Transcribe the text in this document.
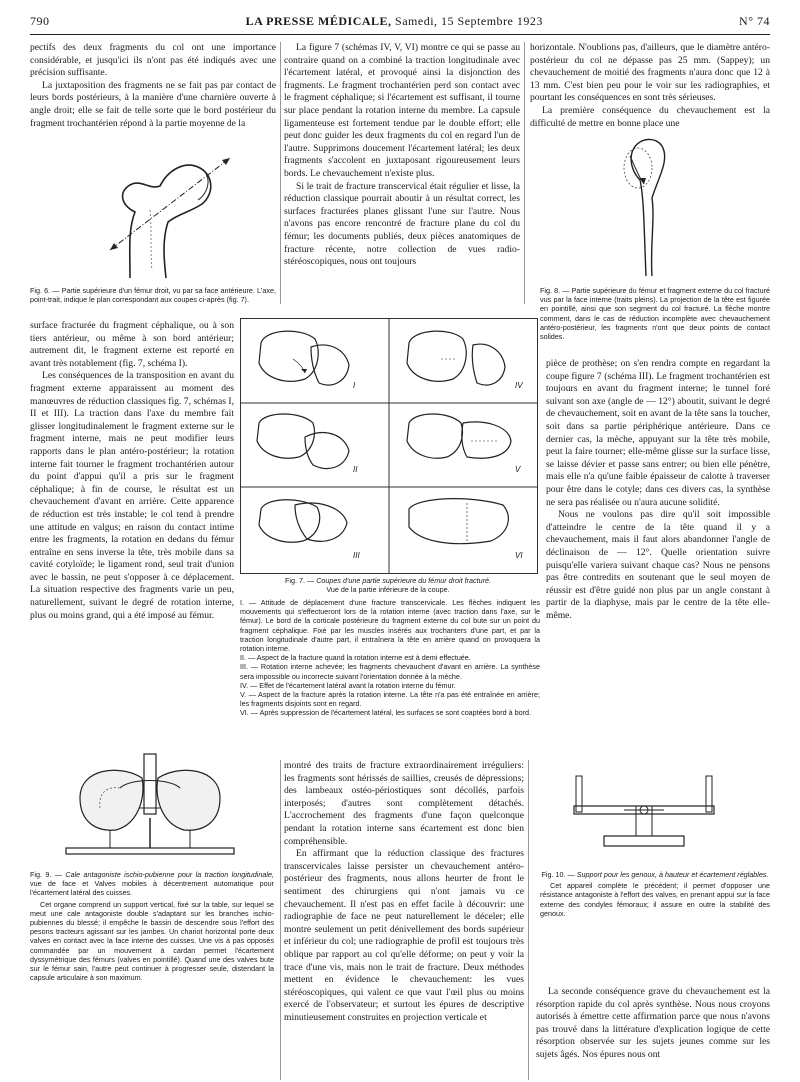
790	LA PRESSE MÉDICALE, Samedi, 15 Septembre 1923	N° 74

pectifs des deux fragments du col ont une importance considérable, et jusqu'ici ils n'ont pas été indiqués avec une précision suffisante.

La juxtaposition des fragments ne se fait pas par contact de leurs bords postérieurs, à la manière d'une charnière ouverte à angle droit; elle se fait de telle sorte que le bord postérieur du fragment trochantérien répond à la partie moyenne de la

Fig. 6. — Partie supérieure d'un fémur droit, vu par sa face antérieure. L'axe, point-trait, indique le plan correspondant aux coupes ci-après (fig. 7).

La figure 7 (schémas IV, V, VI) montre ce qui se passe au contraire quand on a combiné la traction longitudinale avec l'écartement latéral, et provoqué ainsi la disjonction des fragments. Le fragment trochantérien perd son contact avec le fragment céphalique; si l'écartement est suffisant, il tourne sur place pendant la rotation interne du membre. La capsule ligamenteuse est fortement tendue par le double effort; elle peut donc guider les deux fragments du col en regard l'un de l'autre. Supprimons doucement l'écartement latéral; les deux fragments s'accolent en juxtaposant rigoureusement leurs bords. Le chevauchement n'existe plus.

Si le trait de fracture transcervical était régulier et lisse, la réduction classique pourrait aboutir à un résultat correct, les surfaces fracturées planes glissant l'une sur l'autre. Nous n'avons pas encore rencontré de fracture plane du col du fémur; les documents publiés, deux pièces anatomiques de fracture récente, notre collection de vues radio-stéréoscopiques, nous ont toujours

horizontale. N'oublions pas, d'ailleurs, que le diamètre antéro-postérieur du col ne dépasse pas 25 mm. (Sappey); un chevauchement de moitié des fragments n'aura donc que 12 à 13 mm. C'est bien peu pour le voir sur les radiographies, et pourtant les conséquences en sont très sérieuses.

La première conséquence du chevauchement est la difficulté de mettre en bonne place une

Fig. 8. — Partie supérieure du fémur et fragment externe du col fracturé vus par la face interne (traits pleins). La projection de la tête est figurée en pointillé, ainsi que son segment du col fracturé. La flèche montre comment, dans le cas de réduction incomplète avec chevauchement antéro-postérieur, les fragments n'ont que deux points de contact solides.

surface fracturée du fragment céphalique, ou à son tiers antérieur, ou même à son bord antérieur; autrement dit, le fragment externe est reporté en avant très notablement (fig. 7, schéma I).

Les conséquences de la transposition en avant du fragment externe apparaissent au moment des manœuvres de réduction classiques fig. 7, schémas I, II et III). La traction dans l'axe du membre fait glisser longitudinalement le fragment externe sur le fragment interne, mais ne peut modifier leurs rapports dans le plan antéro-postérieur; la rotation interne fait tourner le fragment trochantérien autour du point d'appui qu'il a pris sur le fragment céphalique; à fin de course, le résultat est un chevauchement d'avant en arrière. Cette apparence de réduction est très instable; le col tend à prendre une attitude en valgus; en raison du contact intime entre les fragments, la rotation en dedans du fémur entraîne en sens inverse la tête, très mobile dans sa cavité cotyloïde; le ligament rond, seul trait d'union avec le bassin, ne peut s'opposer à ce déplacement. La situation respective des fragments varie un peu, naturellement, suivant le degré de rotation interne, plus ou moins grand, qui a été imposé au fémur.

I	IV
II	V
III	VI

Fig. 7. — Coupes d'une partie supérieure du fémur droit fracturé.

Vue de la partie inférieure de la coupe.

I. — Attitude de déplacement d'une fracture transcervicale. Les flèches indiquent les mouvements qui s'effectueront lors de la rotation interne (avec traction dans l'axe, sur le fémur). Le bord de la corticale postérieure du fragment externe du col bute sur un point du fragment céphalique. Fixé par les muscles insérés aux trochanters d'une part, et par la traction longitudinale d'autre part, il entraînera la tête en arrière quand on provoquera la rotation interne.

II. — Aspect de la fracture quand la rotation interne est à demi effectuée.

III. — Rotation interne achevée; les fragments chevauchent d'avant en arrière. La synthèse sera impossible ou incorrecte suivant l'orientation donnée à la mèche.

IV. — Effet de l'écartement latéral avant la rotation interne du fémur.

V. — Aspect de la fracture après la rotation interne. La tête n'a pas été entraînée en arrière; les fragments disjoints sont en regard.

VI. — Après suppression de l'écartement latéral, les surfaces se sont coaptées bord à bord.

pièce de prothèse; on s'en rendra compte en regardant la coupe figure 7 (schéma III). Le fragment trochantérien est toujours en avant du fragment interne; le tunnel foré suivant son axe (angle de — 12°) aboutit, suivant le degré de chevauchement, soit en avant de la tête sans la toucher, soit dans sa partie périphérique antérieure. Dans ce dernier cas, la mèche, appuyant sur la tête très mobile, peut la faire tourner; elle-même glisse sur la surface lisse, se laisse dévier et passe sans entrer; ou bien elle pénètre, mais elle n'a qu'une faible épaisseur de calotte à traverser pour être dans le cotyle; dans ces divers cas, la synthèse ne sera pas réalisée ou n'aura aucune solidité.

Nous ne voulons pas dire qu'il soit impossible d'atteindre le centre de la tête quand il y a chevauchement, mais il faut alors abandonner l'angle de déclinaison de — 12°. Quelle orientation suivre puisqu'elle variera suivant chaque cas? Nous ne pensons pas être contredits en soutenant que le seul moyen de réussir est d'être guidé non plus par un angle constant à partir de la diaphyse, mais par le centre de la tête elle-même.

Fig. 9. — Cale antagoniste ischio-pubienne pour la traction longitudinale, vue de face et Valves mobiles à décentrement automatique pour l'écartement latéral des cuisses.

Cet organe comprend un support vertical, fixé sur la table, sur lequel se meut une cale antagoniste double s'adaptant sur les branches ischio-pubiennes du blessé; il empêche le bassin de descendre sous l'effort des pesons tracteurs agissant sur les jambes. Un chariot horizontal porte deux valves en contact avec la face interne des cuisses. Une vis à pas opposés commandée par un mouvement à cardan permet l'écartement dyssymétrique des fémurs (valves en pointillé). Quand une des valves bute sur le fémur sain, l'autre peut continuer à progresser seule, distendant la capsule articulaire à son maximum.

montré des traits de fracture extraordinairement irréguliers: les fragments sont hérissés de saillies, creusés de dépressions; des lambeaux ostéo-périostiques sont décollés, parfois interposés; d'autres sont complètement détachés. L'accrochement des fragments d'une façon quelconque pendant la rotation interne sans écartement est donc bien compréhensible.

En affirmant que la réduction classique des fractures transcervicales laisse persister un chevauchement antéro-postérieur des fragments, nous allons heurter de front le sentiment des chirurgiens qui n'ont jamais vu ce chevauchement. Il n'est pas en effet facile à découvrir: une radiographie de face ne peut naturellement le déceler; elle montre seulement un petit dénivellement des bords supérieur et inférieur du col; une radiographie de profil est toujours très oblique par rapport au col qu'elle déforme; on peut y voir la trace d'une vis, mais non le trait de fracture. Deux méthodes mettent en évidence le chevauchement: les vues stéréoscopiques, qui valent ce que vaut l'œil plus ou moins exercé de l'observateur; et surtout les épures de descriptive minutieusement construites en projection verticale et

Fig. 10. — Support pour les genoux, à hauteur et écartement réglables.

Cet appareil complète le précédent; il permet d'opposer une résistance antagoniste à l'effort des valves, en prenant appui sur la face externe des condyles fémoraux; il assure en outre la stabilité des genoux.

La seconde conséquence grave du chevauchement est la résorption rapide du col après synthèse. Nous nous croyons autorisés à émettre cette affirmation parce que nous n'avons pas trouvé dans la littérature d'explication logique de cette résorption observée sur les sujets jeunes comme sur les sujets âgés. Nos épures nous ont
